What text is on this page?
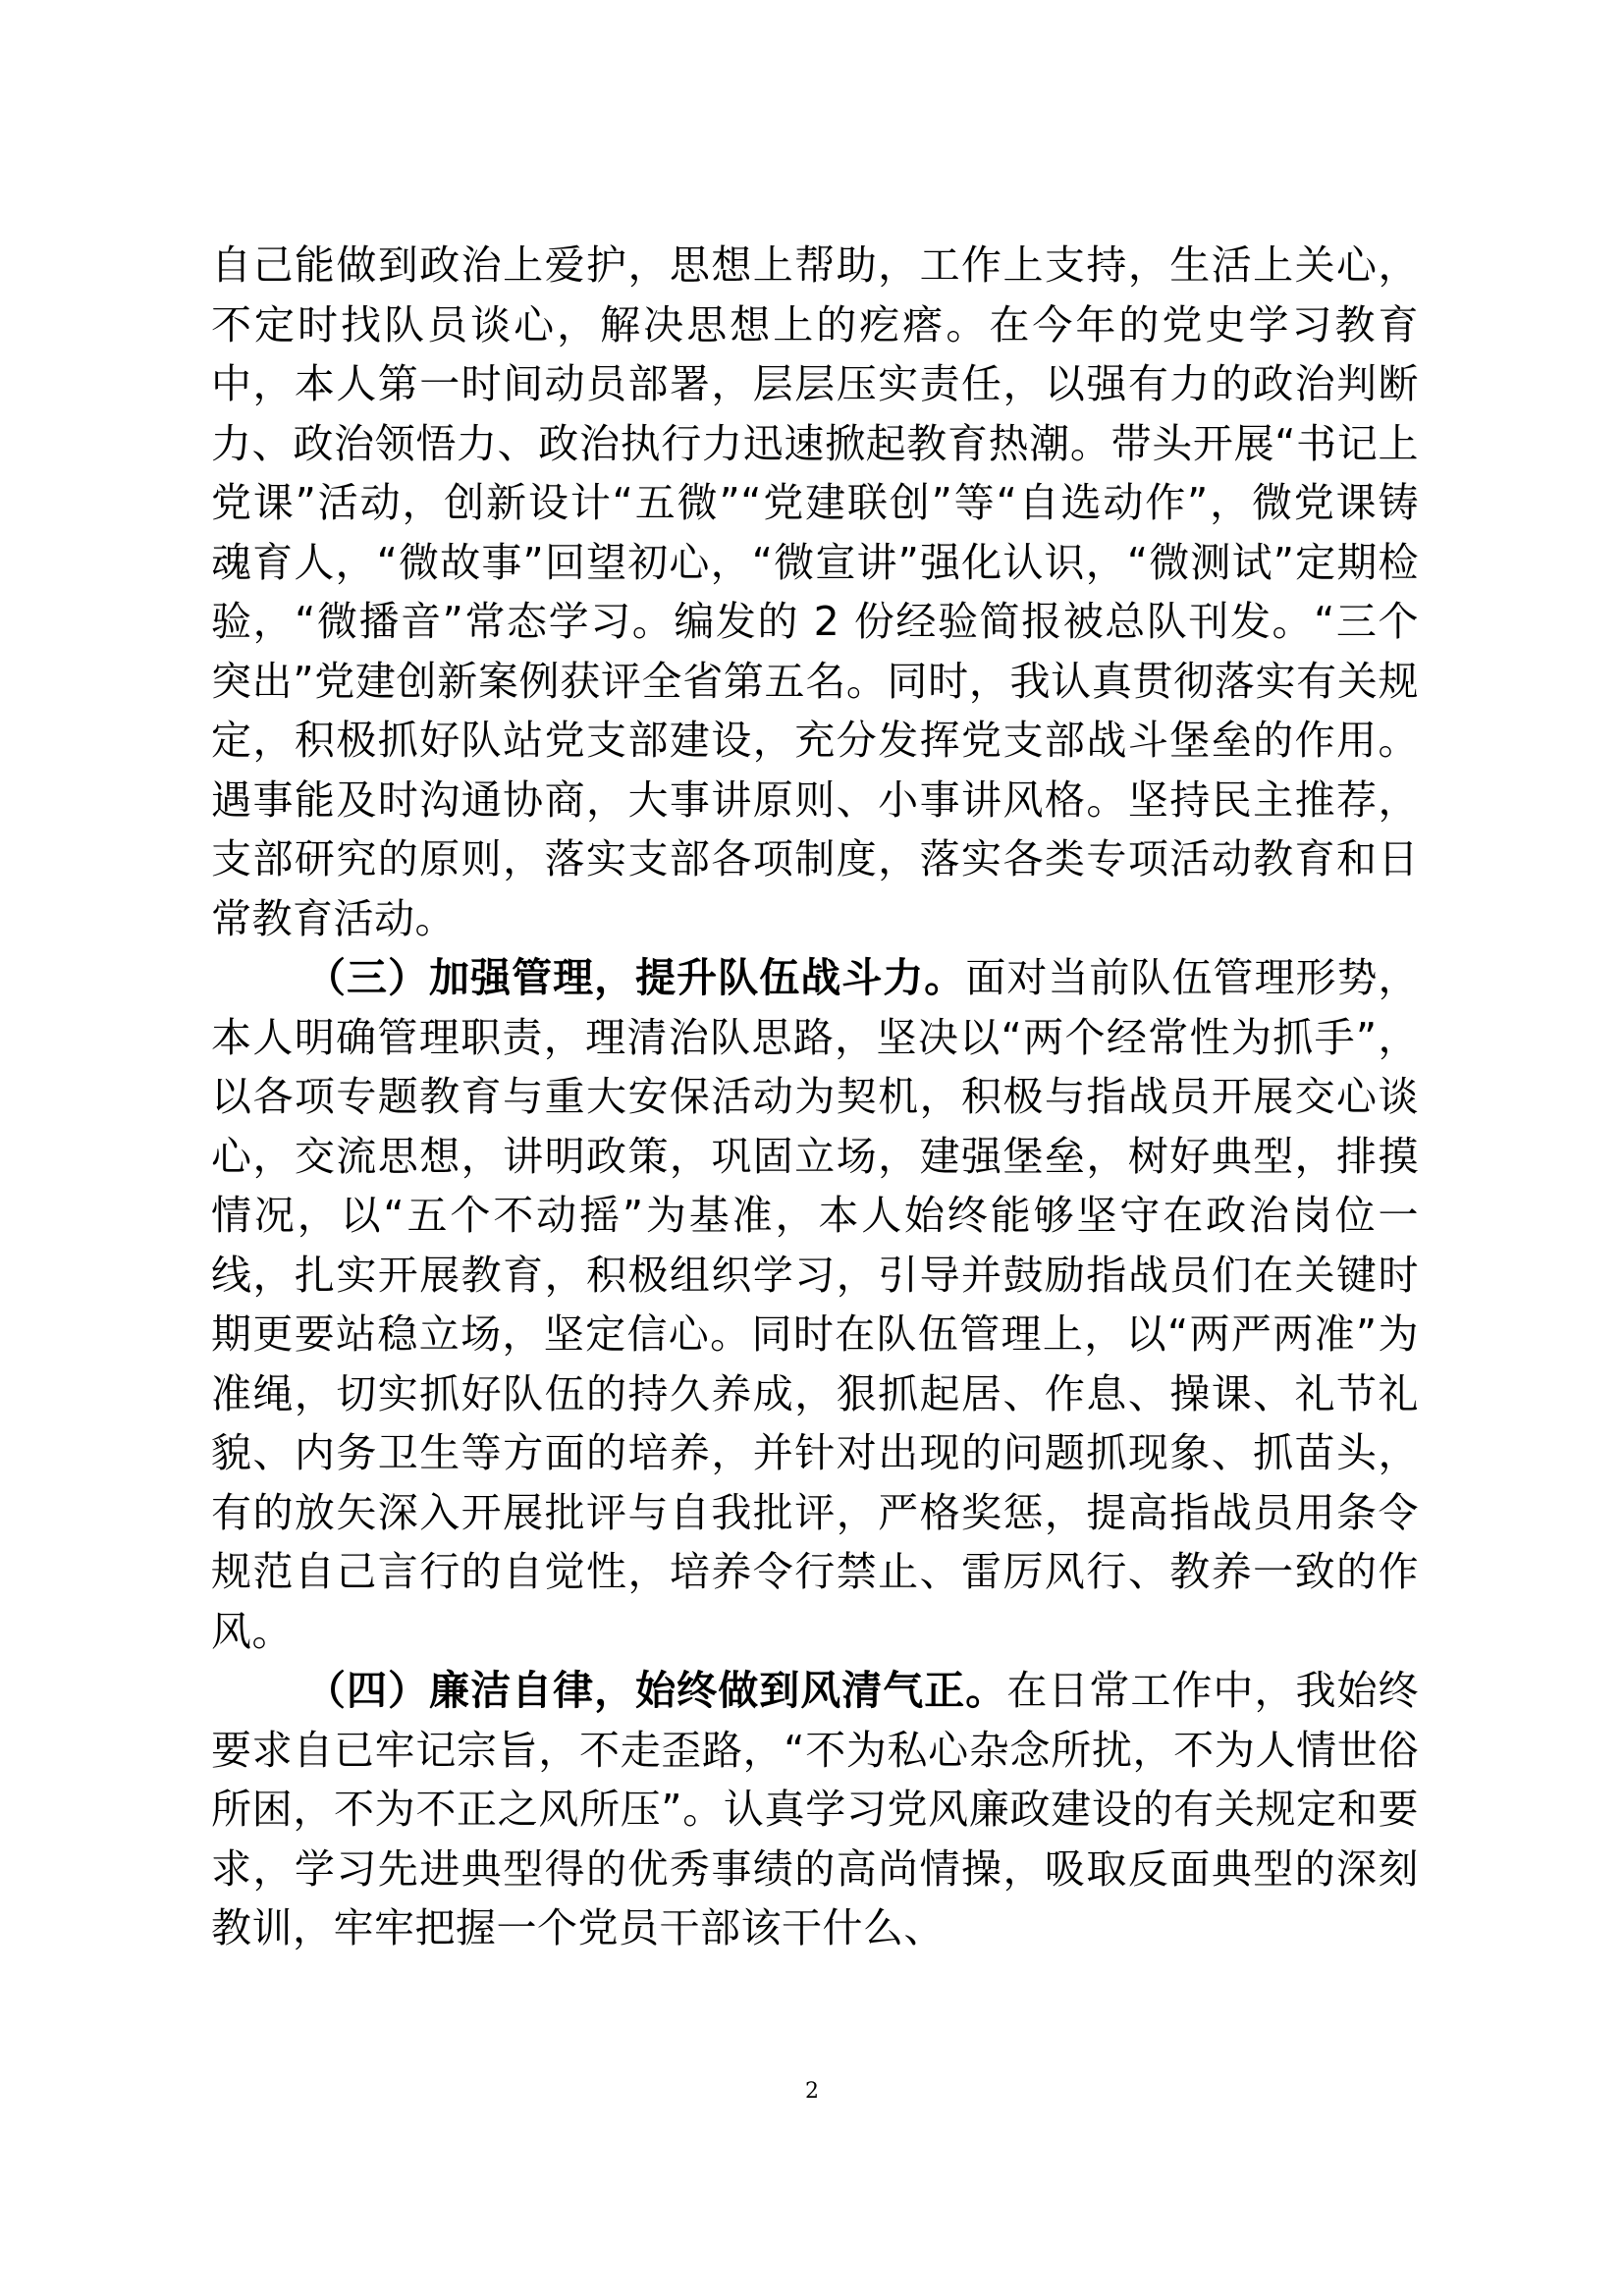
自己能做到政治上爱护，思想上帮助，工作上支持，生活上关心，不定时找队员谈心，解决思想上的疙瘩。在今年的党史学习教育中，本人第一时间动员部署，层层压实责任，以强有力的政治判断力、政治领悟力、政治执行力迅速掀起教育热潮。带头开展“书记上党课”活动，创新设计“五微”“党建联创”等“自选动作”，微党课铸魂育人，“微故事”回望初心，“微宣讲”强化认识，“微测试”定期检验，“微播音”常态学习。编发的 2 份经验简报被总队刊发。“三个突出”党建创新案例获评全省第五名。同时，我认真贯彻落实有关规定，积极抓好队站党支部建设，充分发挥党支部战斗堡垒的作用。遇事能及时沟通协商，大事讲原则、小事讲风格。坚持民主推荐，支部研究的原则，落实支部各项制度，落实各类专项活动教育和日常教育活动。

（三）加强管理，提升队伍战斗力。面对当前队伍管理形势，本人明确管理职责，理清治队思路，坚决以“两个经常性为抓手”，以各项专题教育与重大安保活动为契机，积极与指战员开展交心谈心，交流思想，讲明政策，巩固立场，建强堡垒，树好典型，排摸情况，以“五个不动摇”为基准，本人始终能够坚守在政治岗位一线，扎实开展教育，积极组织学习，引导并鼓励指战员们在关键时期更要站稳立场，坚定信心。同时在队伍管理上，以“两严两准”为准绳，切实抓好队伍的持久养成，狠抓起居、作息、操课、礼节礼貌、内务卫生等方面的培养，并针对出现的问题抓现象、抓苗头，有的放矢深入开展批评与自我批评，严格奖惩，提高指战员用条令规范自己言行的自觉性，培养令行禁止、雷厉风行、教养一致的作风。

（四）廉洁自律，始终做到风清气正。在日常工作中，我始终要求自已牢记宗旨，不走歪路，“不为私心杂念所扰，不为人情世俗所困，不为不正之风所压”。认真学习党风廉政建设的有关规定和要求，学习先进典型得的优秀事绩的高尚情操，吸取反面典型的深刻教训，牢牢把握一个党员干部该干什么、

2
